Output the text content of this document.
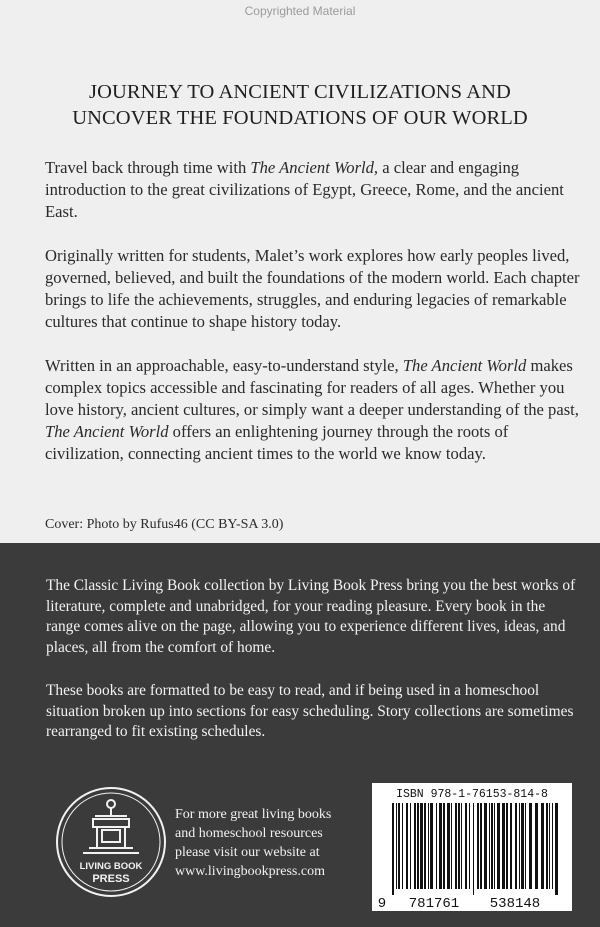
Copyrighted Material
JOURNEY TO ANCIENT CIVILIZATIONS AND
UNCOVER THE FOUNDATIONS OF OUR WORLD

Travel back through time with The Ancient World, a clear and engaging introduction to the great civilizations of Egypt, Greece, Rome, and the ancient East.

Originally written for students, Malet’s work explores how early peoples lived, governed, believed, and built the foundations of the modern world. Each chapter brings to life the achievements, struggles, and enduring legacies of remarkable cultures that continue to shape history today.

Written in an approachable, easy-to-understand style, The Ancient World makes complex topics accessible and fascinating for readers of all ages. Whether you love history, ancient cultures, or simply want a deeper understanding of the past, The Ancient World offers an enlightening journey through the roots of civilization, connecting ancient times to the world we know today.

Cover: Photo by Rufus46 (CC BY-SA 3.0)

The Classic Living Book collection by Living Book Press bring you the best works of literature, complete and unabridged, for your reading pleasure. Every book in the range comes alive on the page, allowing you to experience different lives, ideas, and places, all from the comfort of home.

These books are formatted to be easy to read, and if being used in a homeschool situation broken up into sections for easy scheduling. Story collections are sometimes rearranged to fit existing schedules.

LIVING BOOK
PRESS
For more great living books
and homeschool resources
please visit our website at
www.livingbookpress.com
ISBN 978-1-76153-814-8
9 781761 538148
